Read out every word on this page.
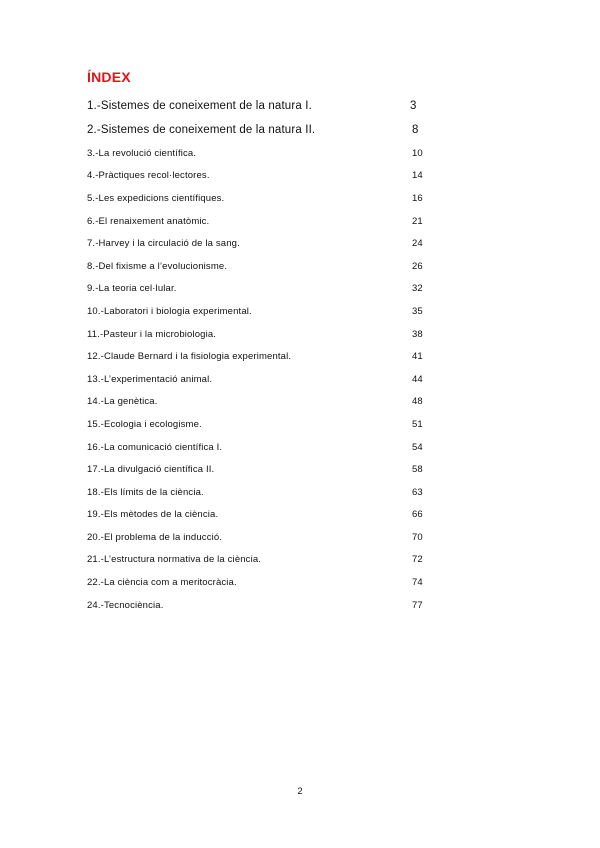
ÍNDEX
1.-Sistemes de coneixement de la natura I.	3
2.-Sistemes de coneixement de la natura II.	8
3.-La revolució científica.	10
4.-Pràctiques recol·lectores.	14
5.-Les expedicions científiques.	16
6.-El renaixement anatòmic.	21
7.-Harvey i la circulació de la sang.	24
8.-Del fixisme a l’evolucionisme.	26
9.-La teoria cel·lular.	32
10.-Laboratori i biologia experimental.	35
11.-Pasteur i la microbiologia.	38
12.-Claude Bernard i la fisiologia experimental.	41
13.-L’experimentació animal.	44
14.-La genètica.	48
15.-Ecologia i ecologisme.	51
16.-La comunicació científica I.	54
17.-La divulgació científica II.	58
18.-Els límits de la ciència.	63
19.-Els mètodes de la ciència.	66
20.-El problema de la inducció.	70
21.-L’estructura normativa de la ciència.	72
22.-La ciència com a meritocràcia.	74
24.-Tecnociència.	77
2
